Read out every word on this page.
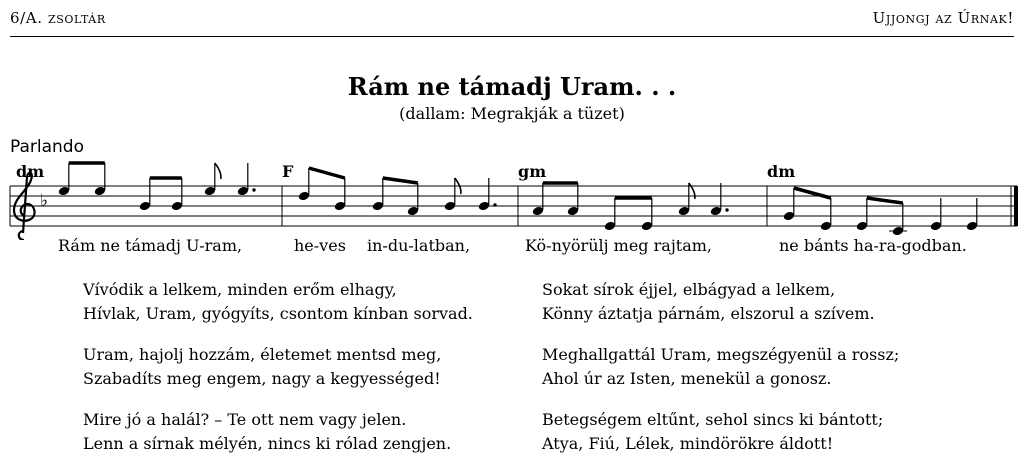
6/A. zsoltár	Ujjongj az Úrnak!
Rám ne támadj Uram. . .
(dallam: Megrakják a tüzet)
Parlando
dm	F	gm	dm
♭
Rám ne támadj U-ram,	he-ves in-du-latban,	Kö-nyörülj meg rajtam,	ne bánts ha-ra-godban.
Vívódik a lelkem, minden erőm elhagy,
Hívlak, Uram, gyógyíts, csontom kínban sorvad.
Sokat sírok éjjel, elbágyad a lelkem,
Könny áztatja párnám, elszorul a szívem.
Uram, hajolj hozzám, életemet mentsd meg,
Szabadíts meg engem, nagy a kegyességed!
Meghallgattál Uram, megszégyenül a rossz;
Ahol úr az Isten, menekül a gonosz.
Mire jó a halál? – Te ott nem vagy jelen.
Lenn a sírnak mélyén, nincs ki rólad zengjen.
Betegségem eltűnt, sehol sincs ki bántott;
Atya, Fiú, Lélek, mindörökre áldott!
